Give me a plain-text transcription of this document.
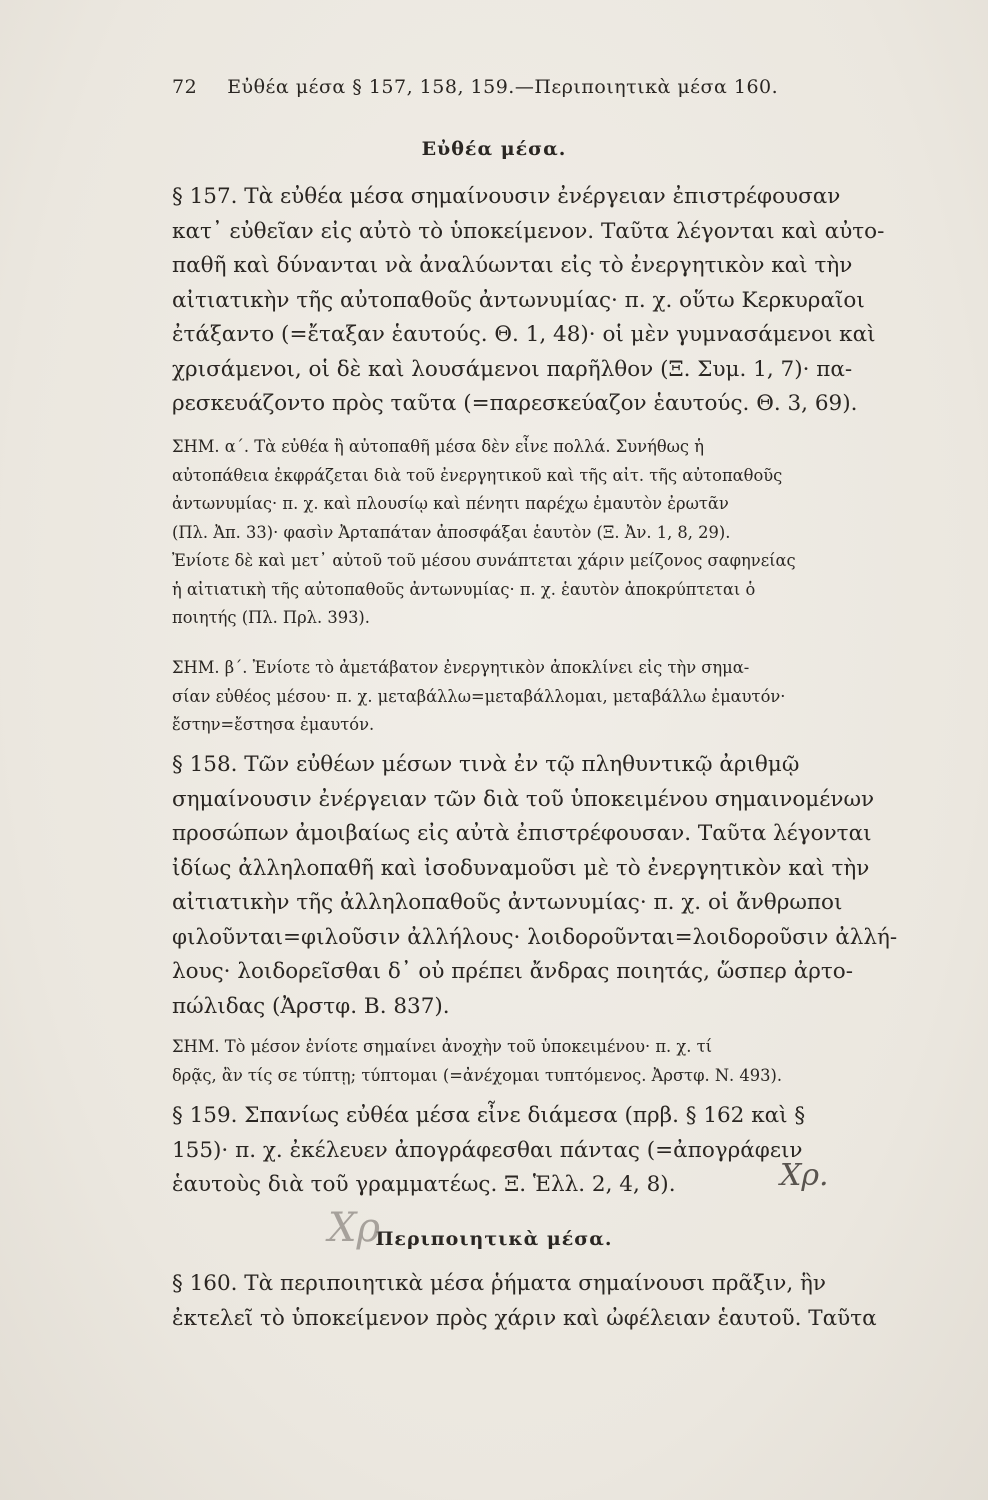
72 Εὐθέα μέσα § 157, 158, 159.—Περιποιητικὰ μέσα 160.
Εὐθέα μέσα.
§ 157. Τὰ εὐθέα μέσα σημαίνουσιν ἐνέργειαν ἐπιστρέφουσαν
κατ᾽ εὐθεῖαν εἰς αὐτὸ τὸ ὑποκείμενον. Ταῦτα λέγονται καὶ αὐτο-
παθῆ καὶ δύνανται νὰ ἀναλύωνται εἰς τὸ ἐνεργητικὸν καὶ τὴν
αἰτιατικὴν τῆς αὐτοπαθοῦς ἀντωνυμίας· π. χ. οὕτω Κερκυραῖοι
ἐτάξαντο (=ἔταξαν ἑαυτούς. Θ. 1, 48)· οἱ μὲν γυμνασάμενοι καὶ
χρισάμενοι, οἱ δὲ καὶ λουσάμενοι παρῆλθον (Ξ. Συμ. 1, 7)· πα-
ρεσκευάζοντο πρὸς ταῦτα (=παρεσκεύαζον ἑαυτούς. Θ. 3, 69).
ΣΗΜ. α΄. Τὰ εὐθέα ἢ αὐτοπαθῆ μέσα δὲν εἶνε πολλά. Συνήθως ἡ
αὐτοπάθεια ἐκφράζεται διὰ τοῦ ἐνεργητικοῦ καὶ τῆς αἰτ. τῆς αὐτοπαθοῦς
ἀντωνυμίας· π. χ. καὶ πλουσίῳ καὶ πένητι παρέχω ἐμαυτὸν ἐρωτᾶν
(Πλ. Ἀπ. 33)· φασὶν Ἀρταπάταν ἀποσφάξαι ἑαυτὸν (Ξ. Ἀν. 1, 8, 29).
Ἐνίοτε δὲ καὶ μετ᾽ αὐτοῦ τοῦ μέσου συνάπτεται χάριν μείζονος σαφηνείας
ἡ αἰτιατικὴ τῆς αὐτοπαθοῦς ἀντωνυμίας· π. χ. ἑαυτὸν ἀποκρύπτεται ὁ
ποιητής (Πλ. Πρλ. 393).
ΣΗΜ. β΄. Ἐνίοτε τὸ ἀμετάβατον ἐνεργητικὸν ἀποκλίνει εἰς τὴν σημα-
σίαν εὐθέος μέσου· π. χ. μεταβάλλω=μεταβάλλομαι, μεταβάλλω ἐμαυτόν·
ἔστην=ἔστησα ἐμαυτόν.
§ 158. Τῶν εὐθέων μέσων τινὰ ἐν τῷ πληθυντικῷ ἀριθμῷ
σημαίνουσιν ἐνέργειαν τῶν διὰ τοῦ ὑποκειμένου σημαινομένων
προσώπων ἀμοιβαίως εἰς αὐτὰ ἐπιστρέφουσαν. Ταῦτα λέγονται
ἰδίως ἀλληλοπαθῆ καὶ ἰσοδυναμοῦσι μὲ τὸ ἐνεργητικὸν καὶ τὴν
αἰτιατικὴν τῆς ἀλληλοπαθοῦς ἀντωνυμίας· π. χ. οἱ ἄνθρωποι
φιλοῦνται=φιλοῦσιν ἀλλήλους· λοιδοροῦνται=λοιδοροῦσιν ἀλλή-
λους· λοιδορεῖσθαι δ᾽ οὐ πρέπει ἄνδρας ποιητάς, ὥσπερ ἀρτο-
πώλιδας (Ἀρστφ. Β. 837).
ΣΗΜ. Τὸ μέσον ἐνίοτε σημαίνει ἀνοχὴν τοῦ ὑποκειμένου· π. χ. τί
δρᾷς, ἂν τίς σε τύπτῃ; τύπτομαι (=ἀνέχομαι τυπτόμενος. Ἀρστφ. Ν. 493).
§ 159. Σπανίως εὐθέα μέσα εἶνε διάμεσα (πρβ. § 162 καὶ §
155)· π. χ. ἐκέλευεν ἀπογράφεσθαι πάντας (=ἀπογράφειν
ἑαυτοὺς διὰ τοῦ γραμματέως. Ξ. Ἑλλ. 2, 4, 8).
Περιποιητικὰ μέσα.
§ 160. Τὰ περιποιητικὰ μέσα ῥήματα σημαίνουσι πρᾶξιν, ἣν
ἐκτελεῖ τὸ ὑποκείμενον πρὸς χάριν καὶ ὠφέλειαν ἑαυτοῦ. Ταῦτα
Χρ.
Χρ
